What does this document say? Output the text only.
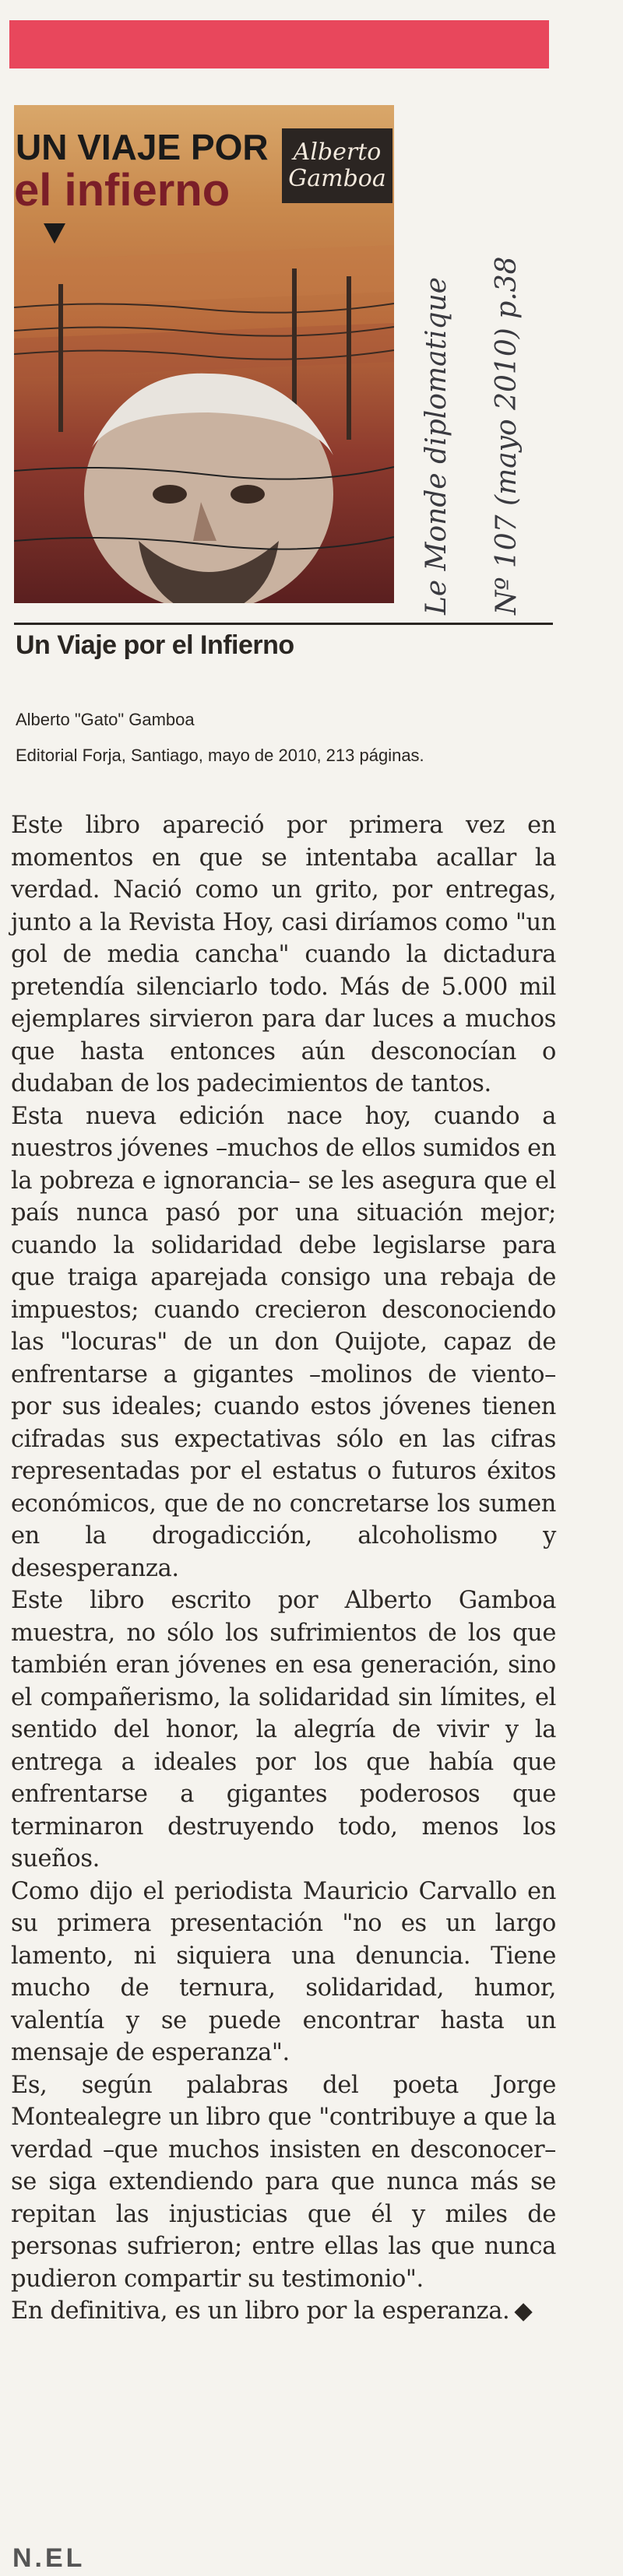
UN VIAJE POR
el infierno
Alberto
Gamboa
Le Monde diplomatique Nº 107 (mayo 2010) p.38
Un Viaje por el Infierno
Alberto "Gato" Gamboa
Editorial Forja, Santiago, mayo de 2010, 213 páginas.

Este libro apareció por primera vez en momentos en que se intentaba acallar la verdad. Nació como un grito, por entregas, junto a la Revista Hoy, casi diríamos como "un gol de media cancha" cuando la dictadura pretendía silenciarlo todo. Más de 5.000 mil ejemplares sirvieron para dar luces a muchos que hasta entonces aún desconocían o dudaban de los padecimientos de tantos.

Esta nueva edición nace hoy, cuando a nuestros jóvenes –muchos de ellos sumidos en la pobreza e ignorancia– se les asegura que el país nunca pasó por una situación mejor; cuando la solidaridad debe legislarse para que traiga aparejada consigo una rebaja de impuestos; cuando crecieron desconociendo las "locuras" de un don Quijote, capaz de enfrentarse a gigantes –molinos de viento– por sus ideales; cuando estos jóvenes tienen cifradas sus expectativas sólo en las cifras representadas por el estatus o futuros éxitos económicos, que de no concretarse los sumen en la drogadicción, alcoholismo y desesperanza.

Este libro escrito por Alberto Gamboa muestra, no sólo los sufrimientos de los que también eran jóvenes en esa generación, sino el compañerismo, la solidaridad sin límites, el sentido del honor, la alegría de vivir y la entrega a ideales por los que había que enfrentarse a gigantes poderosos que terminaron destruyendo todo, menos los sueños.

Como dijo el periodista Mauricio Carvallo en su primera presentación "no es un largo lamento, ni siquiera una denuncia. Tiene mucho de ternura, solidaridad, humor, valentía y se puede encontrar hasta un mensaje de esperanza".

Es, según palabras del poeta Jorge Montealegre un libro que "contribuye a que la verdad –que muchos insisten en desconocer– se siga extendiendo para que nunca más se repitan las injusticias que él y miles de personas sufrieron; entre ellas las que nunca pudieron compartir su testimonio".

En definitiva, es un libro por la esperanza. ◆

N.EL
